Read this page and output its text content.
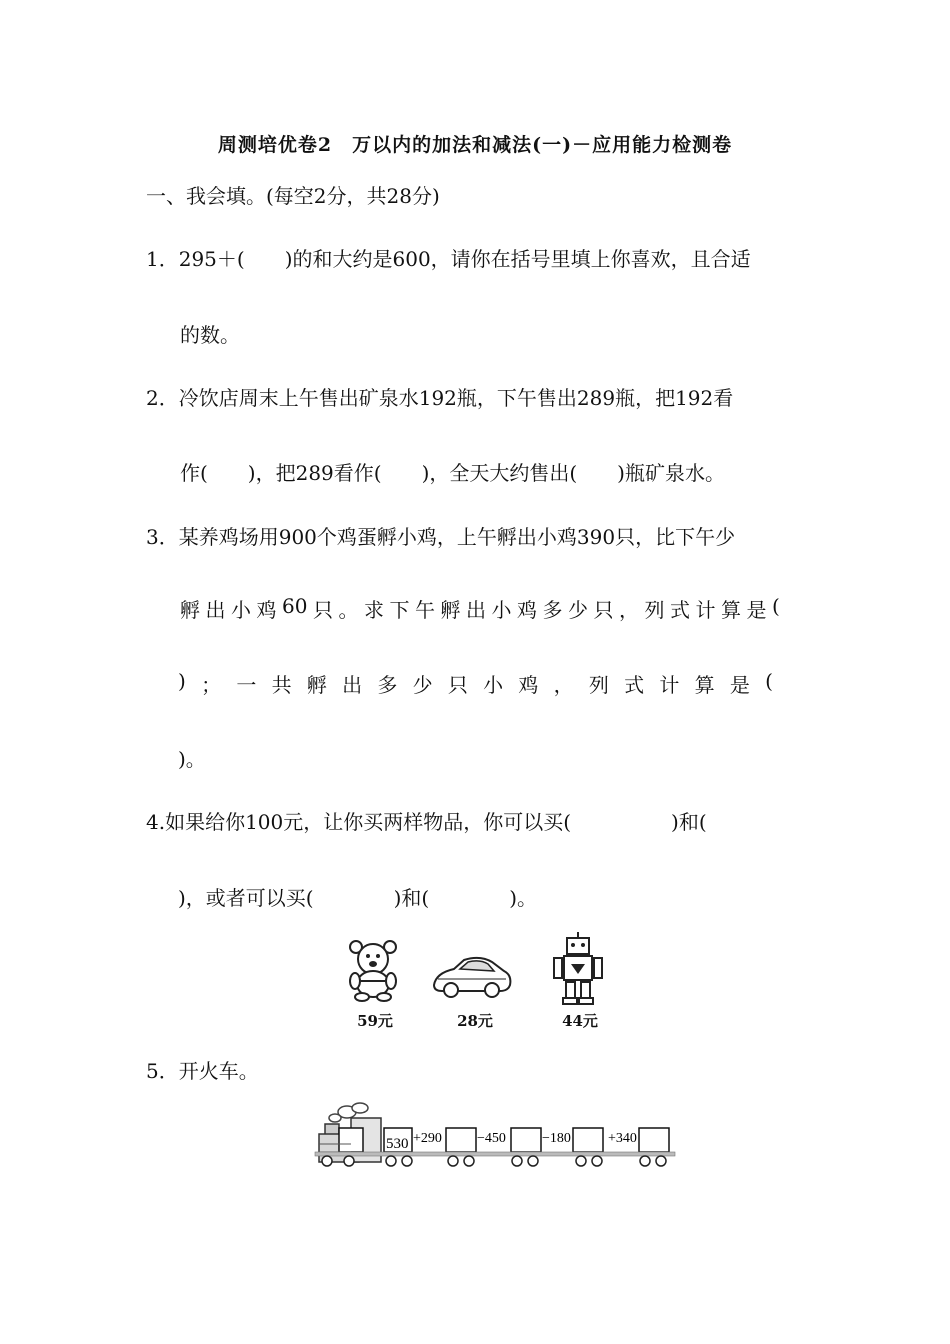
周测培优卷2　万以内的加法和减法(一)－应用能力检测卷
一、我会填。(每空2分，共28分)
1．295＋(　　)的和大约是600，请你在括号里填上你喜欢，且合适
的数。
2．冷饮店周末上午售出矿泉水192瓶，下午售出289瓶，把192看
作(　　)，把289看作(　　)，全天大约售出(　　)瓶矿泉水。
3．某养鸡场用900个鸡蛋孵小鸡，上午孵出小鸡390只，比下午少
孵 出 小 鸡 60 只 。 求 下 午 孵 出 小 鸡 多 少 只 ， 列 式 计 算 是 (
) ； 一 共 孵 出 多 少 只 小 鸡 ， 列 式 计 算 是 (
)。
4.如果给你100元，让你买两样物品，你可以买(　　　　　)和(
)，或者可以买(　　　　)和(　　　　)。
59元	28元	44元
5．开火车。
530 +290	−450	−180	+340
